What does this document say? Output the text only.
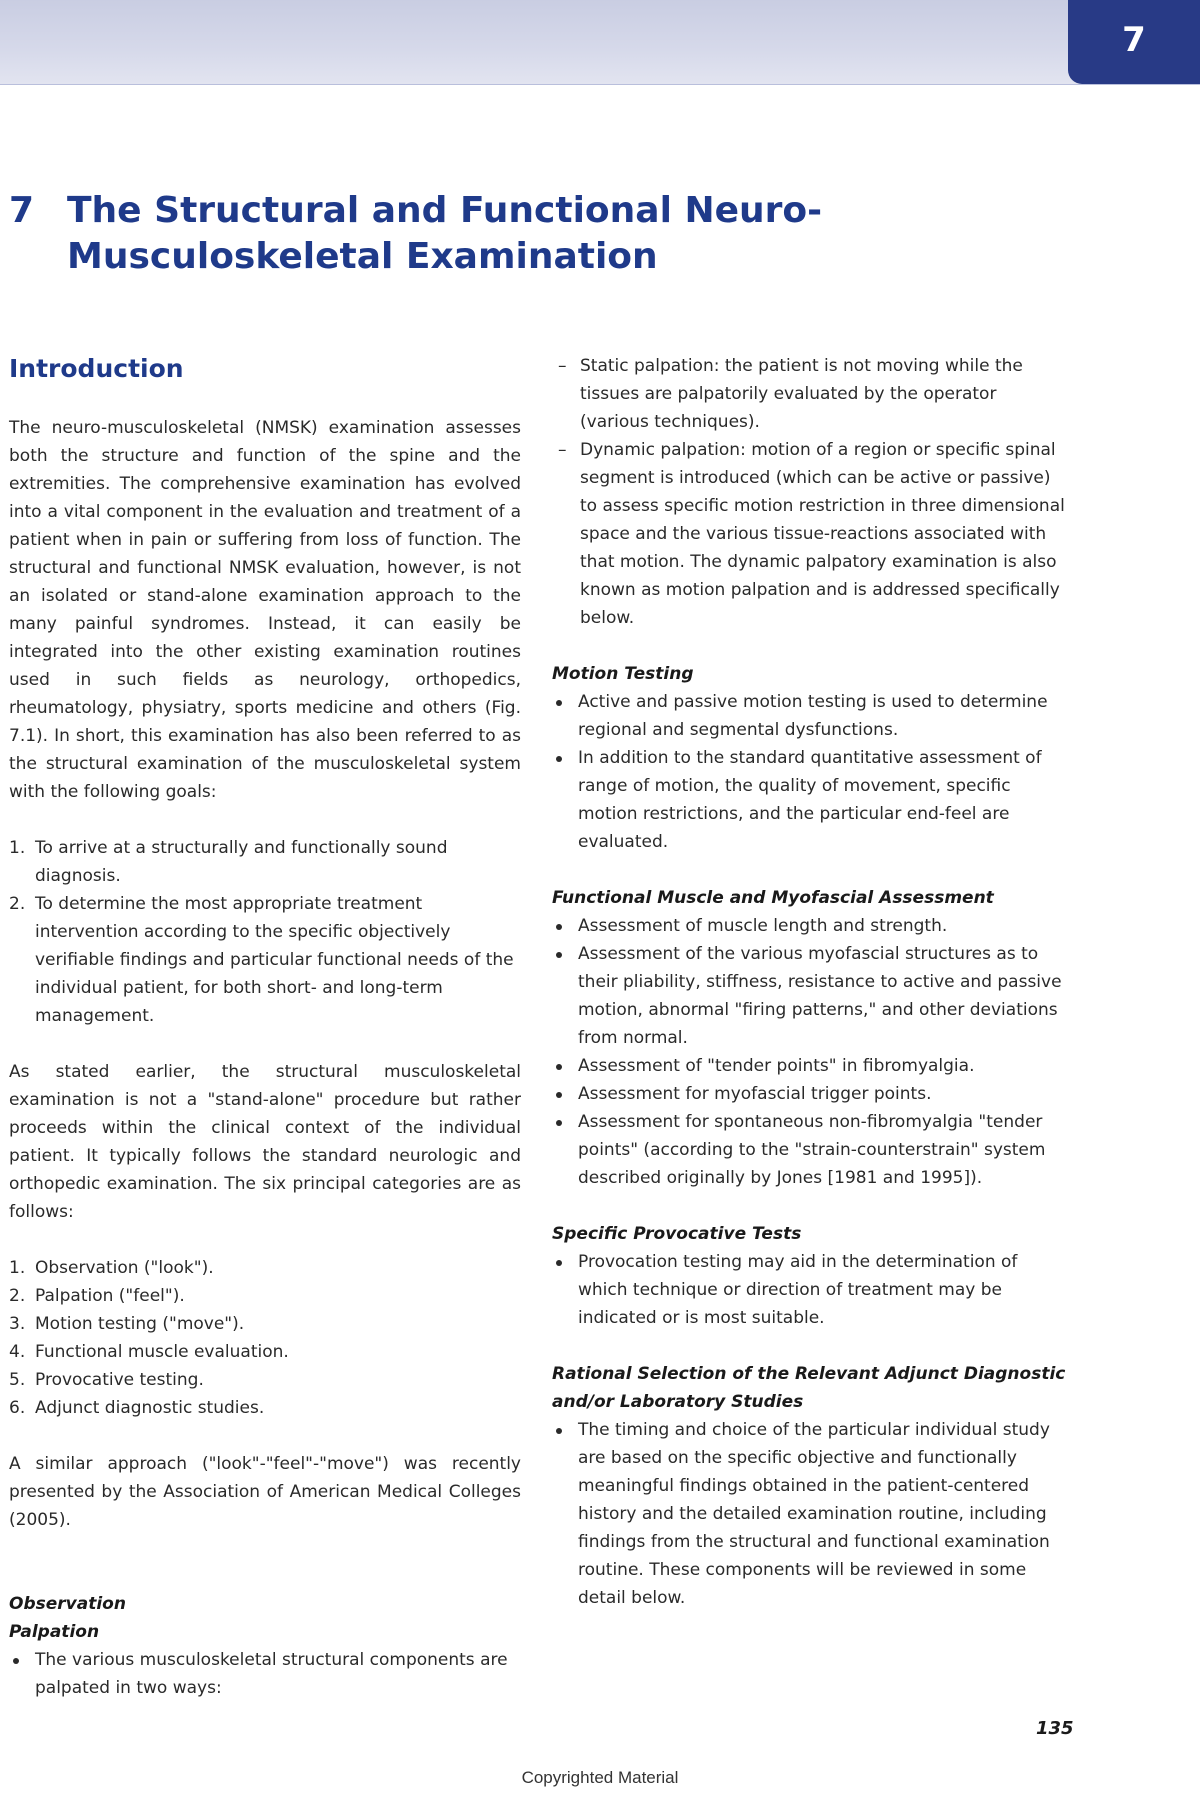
7
7 The Structural and Functional Neuro-Musculoskeletal Examination
Introduction

The neuro-musculoskeletal (NMSK) examination assesses both the structure and function of the spine and the extremities. The comprehensive examination has evolved into a vital component in the evaluation and treatment of a patient when in pain or suffering from loss of function. The structural and functional NMSK evaluation, however, is not an isolated or stand-alone examination approach to the many painful syndromes. Instead, it can easily be integrated into the other existing examination routines used in such fields as neurology, orthopedics, rheumatology, physiatry, sports medicine and others (Fig. 7.1). In short, this examination has also been referred to as the structural examination of the musculoskeletal system with the following goals:

1. To arrive at a structurally and functionally sound diagnosis.
2. To determine the most appropriate treatment intervention according to the specific objectively verifiable findings and particular functional needs of the individual patient, for both short- and long-term management.

As stated earlier, the structural musculoskeletal examination is not a "stand-alone" procedure but rather proceeds within the clinical context of the individual patient. It typically follows the standard neurologic and orthopedic examination. The six principal categories are as follows:

1. Observation ("look").
2. Palpation ("feel").
3. Motion testing ("move").
4. Functional muscle evaluation.
5. Provocative testing.
6. Adjunct diagnostic studies.

A similar approach ("look"-"feel"-"move") was recently presented by the Association of American Medical Colleges (2005).

Observation
Palpation
The various musculoskeletal structural components are palpated in two ways:
– Static palpation: the patient is not moving while the tissues are palpatorily evaluated by the operator (various techniques).
– Dynamic palpation: motion of a region or specific spinal segment is introduced (which can be active or passive) to assess specific motion restriction in three dimensional space and the various tissue-reactions associated with that motion. The dynamic palpatory examination is also known as motion palpation and is addressed specifically below.
Motion Testing
Active and passive motion testing is used to determine regional and segmental dysfunctions.
In addition to the standard quantitative assessment of range of motion, the quality of movement, specific motion restrictions, and the particular end-feel are evaluated.
Functional Muscle and Myofascial Assessment
Assessment of muscle length and strength.
Assessment of the various myofascial structures as to their pliability, stiffness, resistance to active and passive motion, abnormal "firing patterns," and other deviations from normal.
Assessment of "tender points" in fibromyalgia.
Assessment for myofascial trigger points.
Assessment for spontaneous non-fibromyalgia "tender points" (according to the "strain-counterstrain" system described originally by Jones [1981 and 1995]).
Specific Provocative Tests
Provocation testing may aid in the determination of which technique or direction of treatment may be indicated or is most suitable.
Rational Selection of the Relevant Adjunct Diagnostic and/or Laboratory Studies
The timing and choice of the particular individual study are based on the specific objective and functionally meaningful findings obtained in the patient-centered history and the detailed examination routine, including findings from the structural and functional examination routine. These components will be reviewed in some detail below.
135
Copyrighted Material
